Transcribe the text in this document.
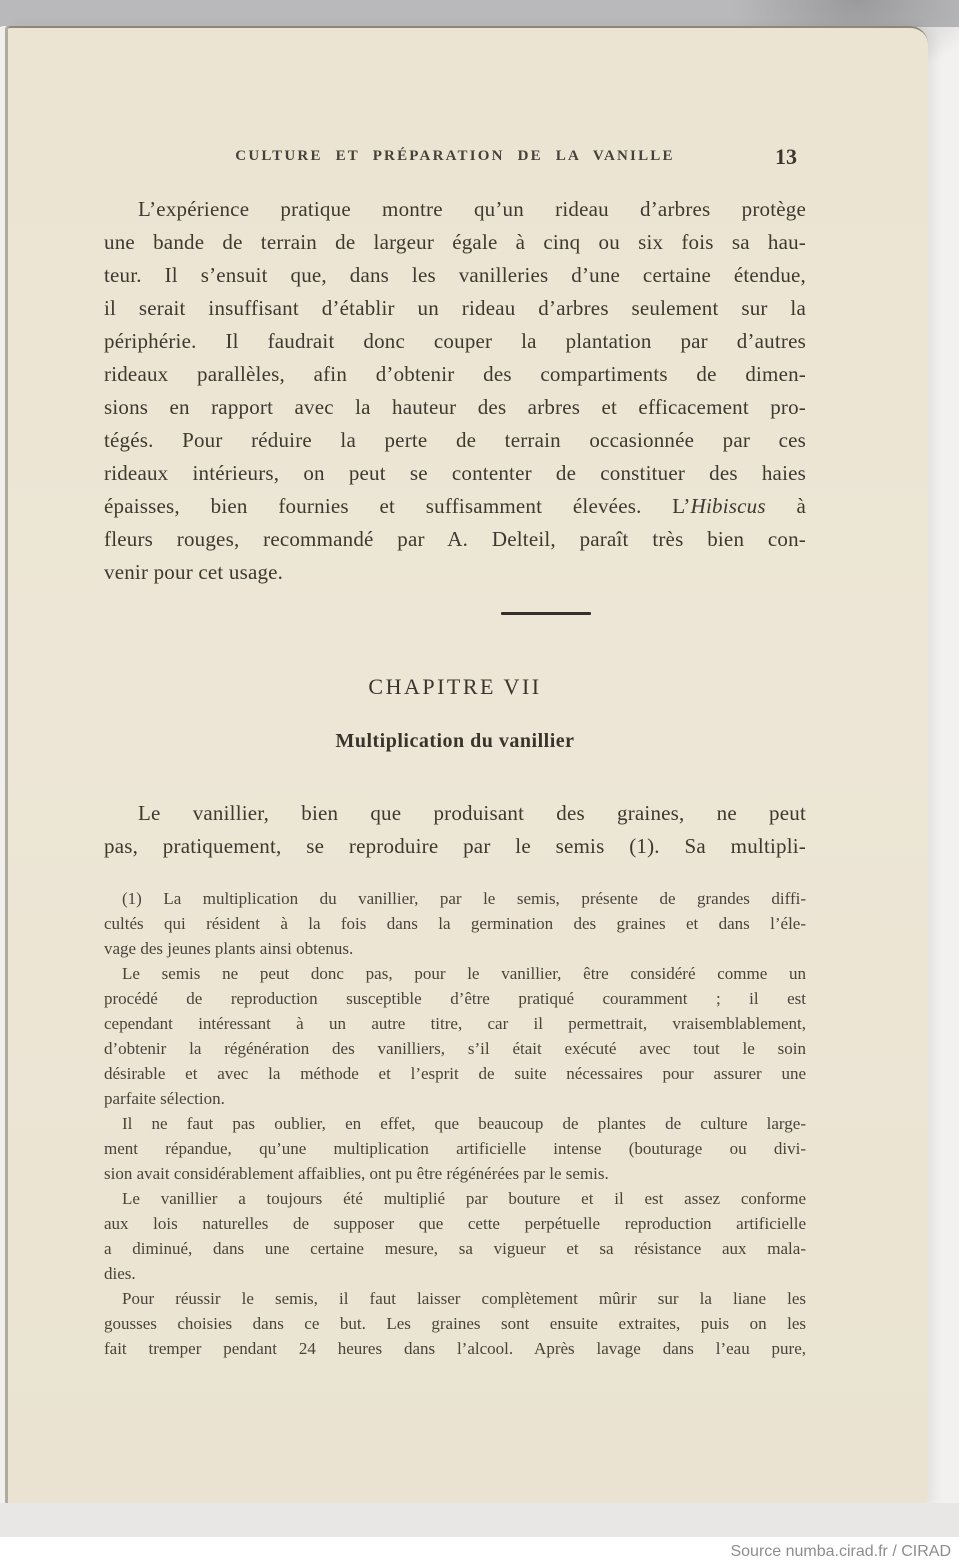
CULTURE ET PRÉPARATION DE LA VANILLE	13
L’expérience pratique montre qu’un rideau d’arbres protège
une bande de terrain de largeur égale à cinq ou six fois sa hau-
teur. Il s’ensuit que, dans les vanilleries d’une certaine étendue,
il serait insuffisant d’établir un rideau d’arbres seulement sur la
périphérie. Il faudrait donc couper la plantation par d’autres
rideaux parallèles, afin d’obtenir des compartiments de dimen-
sions en rapport avec la hauteur des arbres et efficacement pro-
tégés. Pour réduire la perte de terrain occasionnée par ces
rideaux intérieurs, on peut se contenter de constituer des haies
épaisses, bien fournies et suffisamment élevées. L’Hibiscus à
fleurs rouges, recommandé par A. Delteil, paraît très bien con-
venir pour cet usage.
CHAPITRE VII
Multiplication du vanillier
Le vanillier, bien que produisant des graines, ne peut
pas, pratiquement, se reproduire par le semis (1). Sa multipli-
(1) La multiplication du vanillier, par le semis, présente de grandes diffi-
cultés qui résident à la fois dans la germination des graines et dans l’éle-
vage des jeunes plants ainsi obtenus.
Le semis ne peut donc pas, pour le vanillier, être considéré comme un
procédé de reproduction susceptible d’être pratiqué couramment ; il est
cependant intéressant à un autre titre, car il permettrait, vraisemblablement,
d’obtenir la régénération des vanilliers, s’il était exécuté avec tout le soin
désirable et avec la méthode et l’esprit de suite nécessaires pour assurer une
parfaite sélection.
Il ne faut pas oublier, en effet, que beaucoup de plantes de culture large-
ment répandue, qu’une multiplication artificielle intense (bouturage ou divi-
sion avait considérablement affaiblies, ont pu être régénérées par le semis.
Le vanillier a toujours été multiplié par bouture et il est assez conforme
aux lois naturelles de supposer que cette perpétuelle reproduction artificielle
a diminué, dans une certaine mesure, sa vigueur et sa résistance aux mala-
dies.
Pour réussir le semis, il faut laisser complètement mûrir sur la liane les
gousses choisies dans ce but. Les graines sont ensuite extraites, puis on les
fait tremper pendant 24 heures dans l’alcool. Après lavage dans l’eau pure,
Source numba.cirad.fr / CIRAD
